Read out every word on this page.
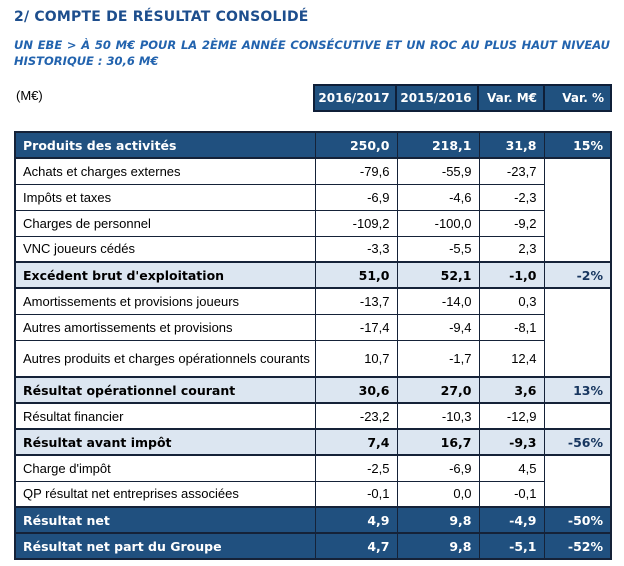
2/ COMPTE DE RÉSULTAT CONSOLIDÉ
UN EBE > À 50 M€ POUR LA 2ÈME ANNÉE CONSÉCUTIVE ET UN ROC AU PLUS HAUT NIVEAU
HISTORIQUE : 30,6 M€
(M€)	2016/2017	2015/2016	Var. M€	Var. %
Produits des activités	250,0	218,1	31,8	15%
Achats et charges externes	-79,6	-55,9	-23,7	
Impôts et taxes	-6,9	-4,6	-2,3	
Charges de personnel	-109,2	-100,0	-9,2	
VNC joueurs cédés	-3,3	-5,5	2,3	
Excédent brut d'exploitation	51,0	52,1	-1,0	-2%
Amortissements et provisions joueurs	-13,7	-14,0	0,3	
Autres amortissements et provisions	-17,4	-9,4	-8,1	
Autres produits et charges opérationnels courants	10,7	-1,7	12,4	
Résultat opérationnel courant	30,6	27,0	3,6	13%
Résultat financier	-23,2	-10,3	-12,9	
Résultat avant impôt	7,4	16,7	-9,3	-56%
Charge d'impôt	-2,5	-6,9	4,5	
QP résultat net entreprises associées	-0,1	0,0	-0,1	
Résultat net	4,9	9,8	-4,9	-50%
Résultat net part du Groupe	4,7	9,8	-5,1	-52%
